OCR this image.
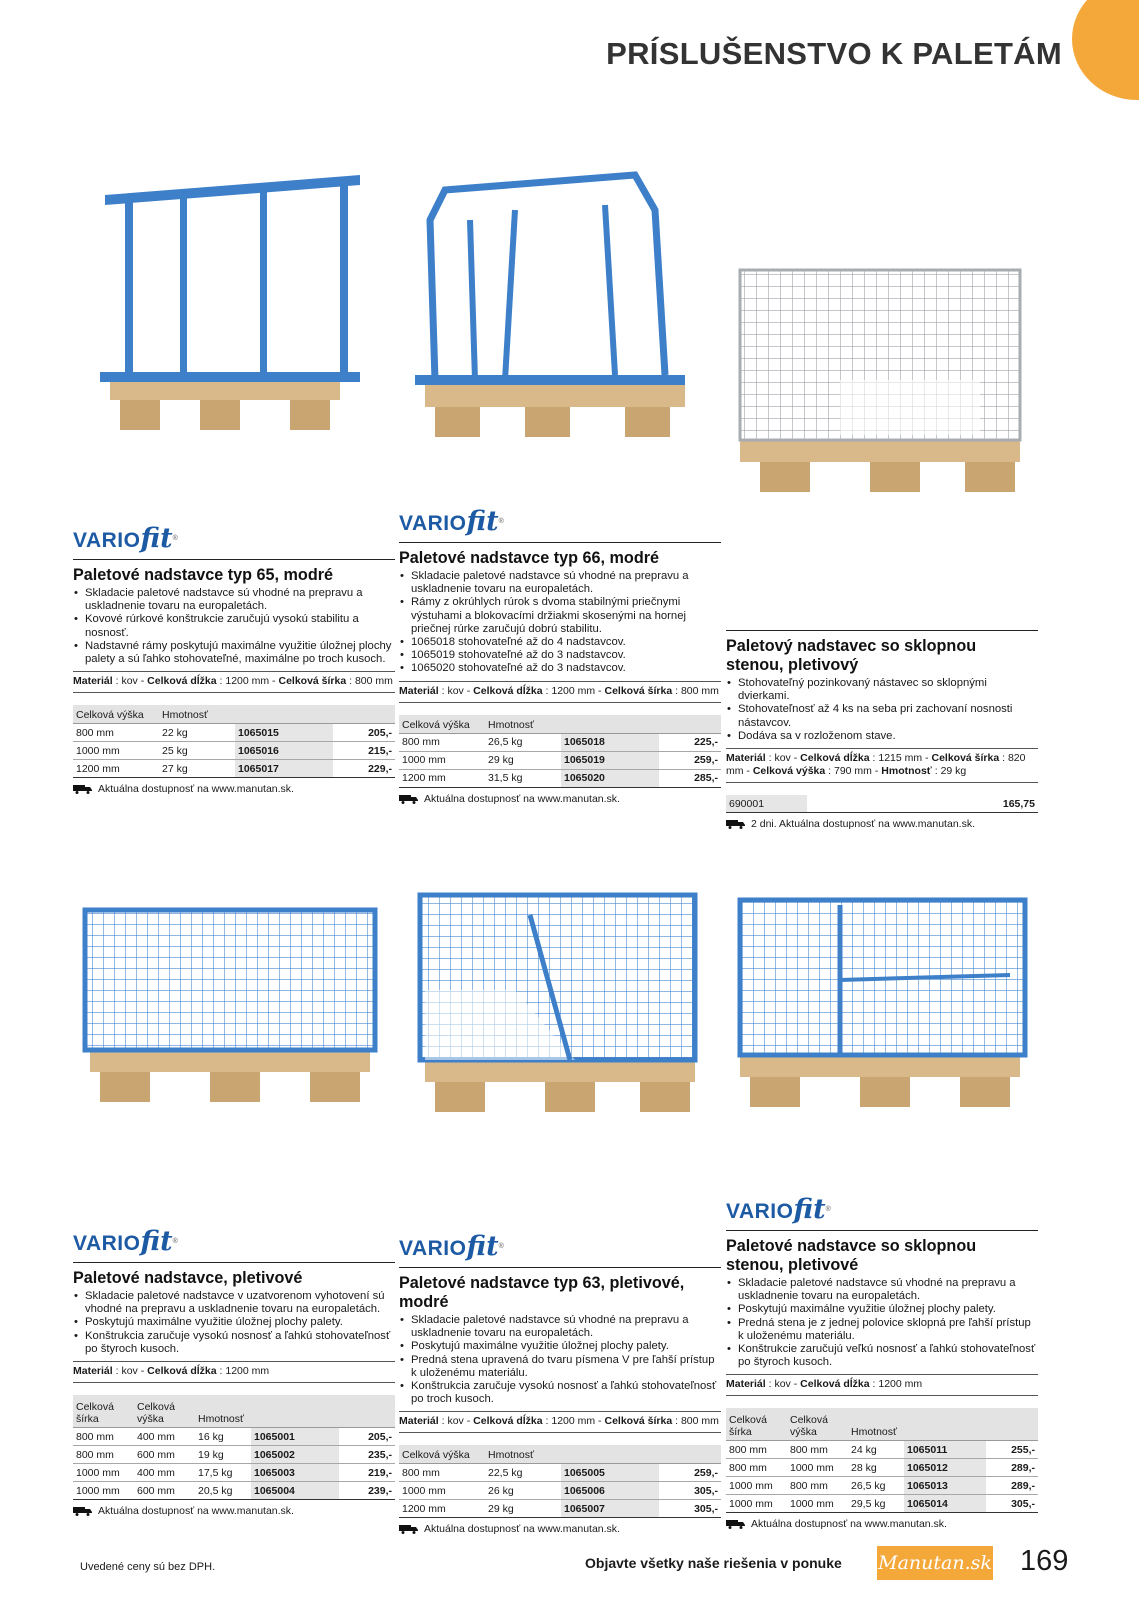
PRÍSLUŠENSTVO K PALETÁM
VARIOfit®
Paletové nadstavce typ 65, modré
• Skladacie paletové nadstavce sú vhodné na prepravu a uskladnenie tovaru na europaletách.
• Kovové rúrkové konštrukcie zaručujú vysokú stabilitu a nosnosť.
• Nadstavné rámy poskytujú maximálne využitie úložnej plochy palety a sú ľahko stohovateľné, maximálne po troch kusoch.
Materiál : kov - Celková dĺžka : 1200 mm - Celková šírka : 800 mm
Celková výška	Hmotnosť		
800 mm	22 kg	1065015	205,-
1000 mm	25 kg	1065016	215,-
1200 mm	27 kg	1065017	229,-
Aktuálna dostupnosť na www.manutan.sk.
VARIOfit®
Paletové nadstavce typ 66, modré
• Skladacie paletové nadstavce sú vhodné na prepravu a uskladnenie tovaru na europaletách.
• Rámy z okrúhlych rúrok s dvoma stabilnými priečnymi výstuhami a blokovacími držiakmi skosenými na hornej priečnej rúrke zaručujú dobrú stabilitu.
• 1065018 stohovateľné až do 4 nadstavcov.
• 1065019 stohovateľné až do 3 nadstavcov.
• 1065020 stohovateľné až do 3 nadstavcov.
Materiál : kov - Celková dĺžka : 1200 mm - Celková šírka : 800 mm
Celková výška	Hmotnosť		
800 mm	26,5 kg	1065018	225,-
1000 mm	29 kg	1065019	259,-
1200 mm	31,5 kg	1065020	285,-
Aktuálna dostupnosť na www.manutan.sk.
Paletový nadstavec so sklopnou stenou, pletivový
• Stohovateľný pozinkovaný nástavec so sklopnými dvierkami.
• Stohovateľnosť až 4 ks na seba pri zachovaní nosnosti nástavcov.
• Dodáva sa v rozloženom stave.
Materiál : kov - Celková dĺžka : 1215 mm - Celková šírka : 820 mm - Celková výška : 790 mm - Hmotnosť : 29 kg
690001	165,75
2 dni. Aktuálna dostupnosť na www.manutan.sk.
VARIOfit®
Paletové nadstavce, pletivové
• Skladacie paletové nadstavce v uzatvorenom vyhotovení sú vhodné na prepravu a uskladnenie tovaru na europaletách.
• Poskytujú maximálne využitie úložnej plochy palety.
• Konštrukcia zaručuje vysokú nosnosť a ľahkú stohovateľnosť po štyroch kusoch.
Materiál : kov - Celková dĺžka : 1200 mm
Celková šírka	Celková výška	Hmotnosť		
800 mm	400 mm	16 kg	1065001	205,-
800 mm	600 mm	19 kg	1065002	235,-
1000 mm	400 mm	17,5 kg	1065003	219,-
1000 mm	600 mm	20,5 kg	1065004	239,-
Aktuálna dostupnosť na www.manutan.sk.
VARIOfit®
Paletové nadstavce typ 63, pletivové, modré
• Skladacie paletové nadstavce sú vhodné na prepravu a uskladnenie tovaru na europaletách.
• Poskytujú maximálne využitie úložnej plochy palety.
• Predná stena upravená do tvaru písmena V pre ľahší prístup k uloženému materiálu.
• Konštrukcia zaručuje vysokú nosnosť a ľahkú stohovateľnosť po troch kusoch.
Materiál : kov - Celková dĺžka : 1200 mm - Celková šírka : 800 mm
Celková výška	Hmotnosť		
800 mm	22,5 kg	1065005	259,-
1000 mm	26 kg	1065006	305,-
1200 mm	29 kg	1065007	305,-
Aktuálna dostupnosť na www.manutan.sk.
VARIOfit®
Paletové nadstavce so sklopnou stenou, pletivové
• Skladacie paletové nadstavce sú vhodné na prepravu a uskladnenie tovaru na europaletách.
• Poskytujú maximálne využitie úložnej plochy palety.
• Predná stena je z jednej polovice sklopná pre ľahší prístup k uloženému materiálu.
• Konštrukcie zaručujú veľkú nosnosť a ľahkú stohovateľnosť po štyroch kusoch.
Materiál : kov - Celková dĺžka : 1200 mm
Celková šírka	Celková výška	Hmotnosť		
800 mm	800 mm	24 kg	1065011	255,-
800 mm	1000 mm	28 kg	1065012	289,-
1000 mm	800 mm	26,5 kg	1065013	289,-
1000 mm	1000 mm	29,5 kg	1065014	305,-
Aktuálna dostupnosť na www.manutan.sk.
Uvedené ceny sú bez DPH.	Objavte všetky naše riešenia v ponuke Manutan.sk 169
